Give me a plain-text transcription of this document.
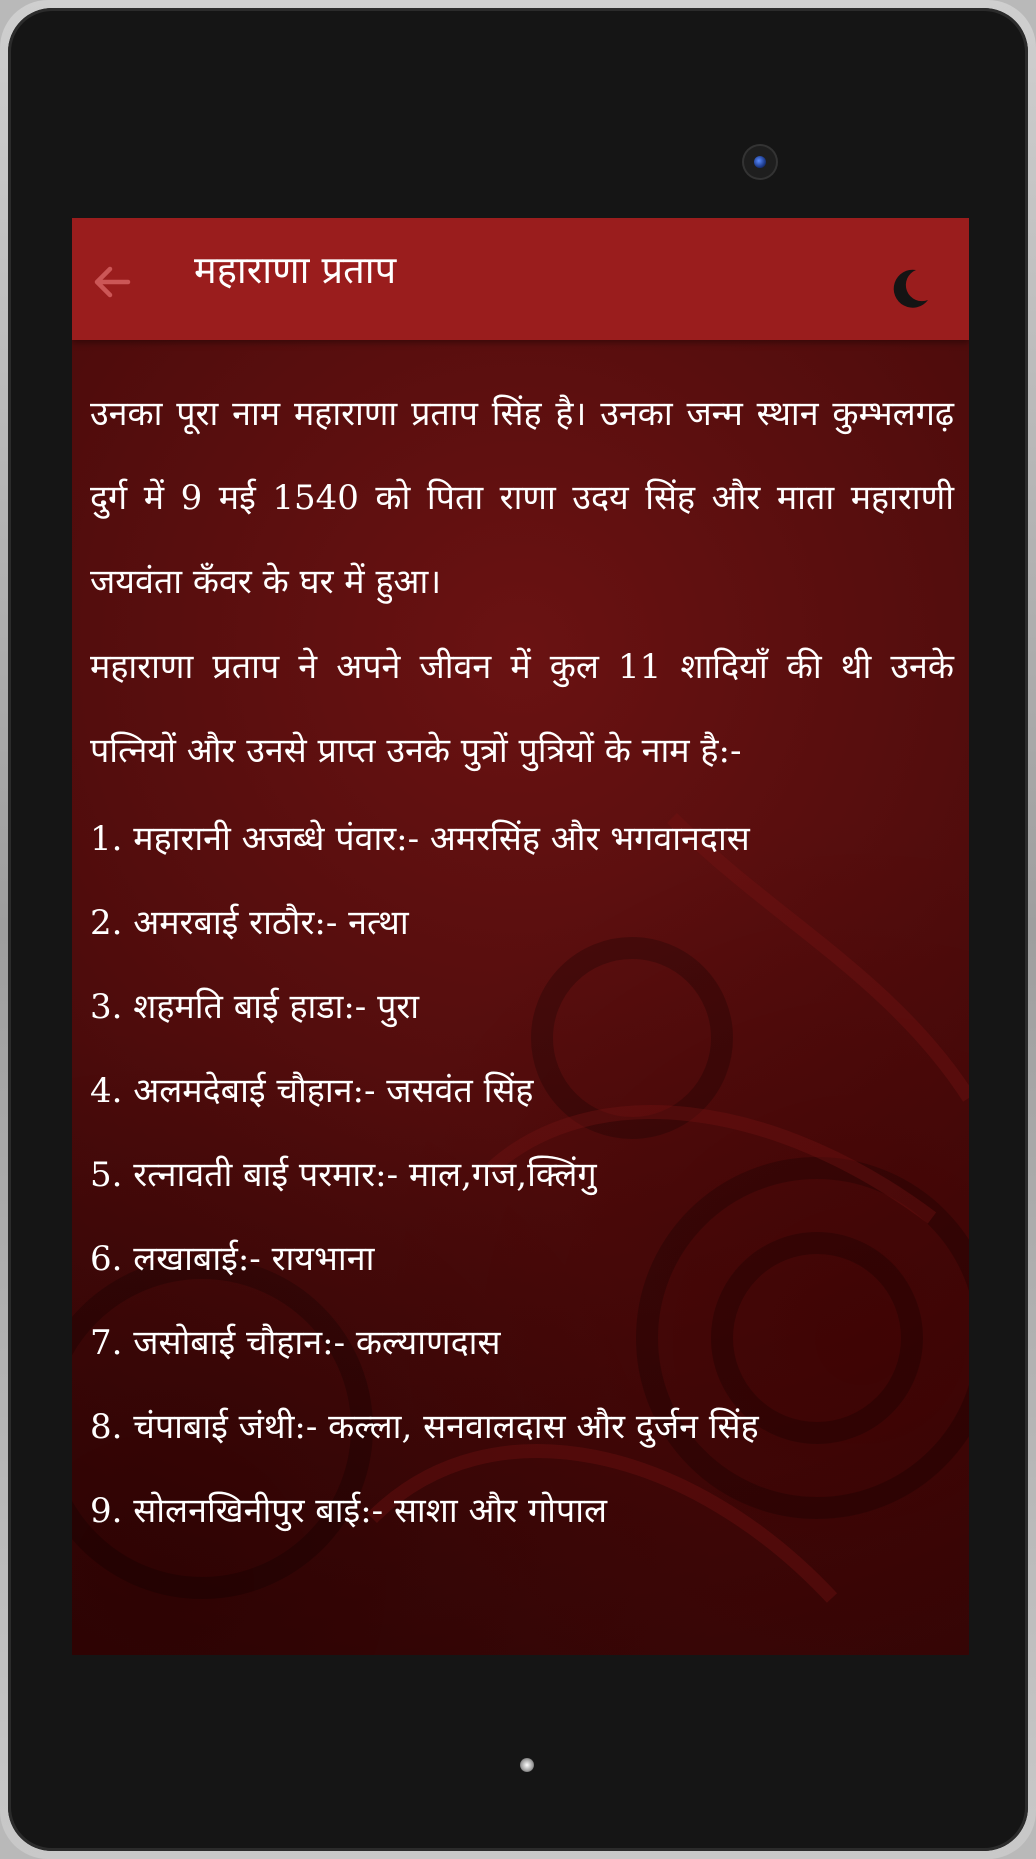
महाराणा प्रताप

उनका पूरा नाम महाराणा प्रताप सिंह है। उनका जन्म स्थान कुम्भलगढ़ दुर्ग में 9 मई 1540 को पिता राणा उदय सिंह और माता महाराणी जयवंता कँवर के घर में हुआ।

महाराणा प्रताप ने अपने जीवन में कुल 11 शादियाँ की थी उनके पत्नियों और उनसे प्राप्त उनके पुत्रों पुत्रियों के नाम है:-

1. महारानी अजब्धे पंवार:- अमरसिंह और भगवानदास
2. अमरबाई राठौर:- नत्था
3. शहमति बाई हाडा:- पुरा
4. अलमदेबाई चौहान:- जसवंत सिंह
5. रत्नावती बाई परमार:- माल,गज,क्लिंगु
6. लखाबाई:- रायभाना
7. जसोबाई चौहान:- कल्याणदास
8. चंपाबाई जंथी:- कल्ला, सनवालदास और दुर्जन सिंह
9. सोलनखिनीपुर बाई:- साशा और गोपाल
